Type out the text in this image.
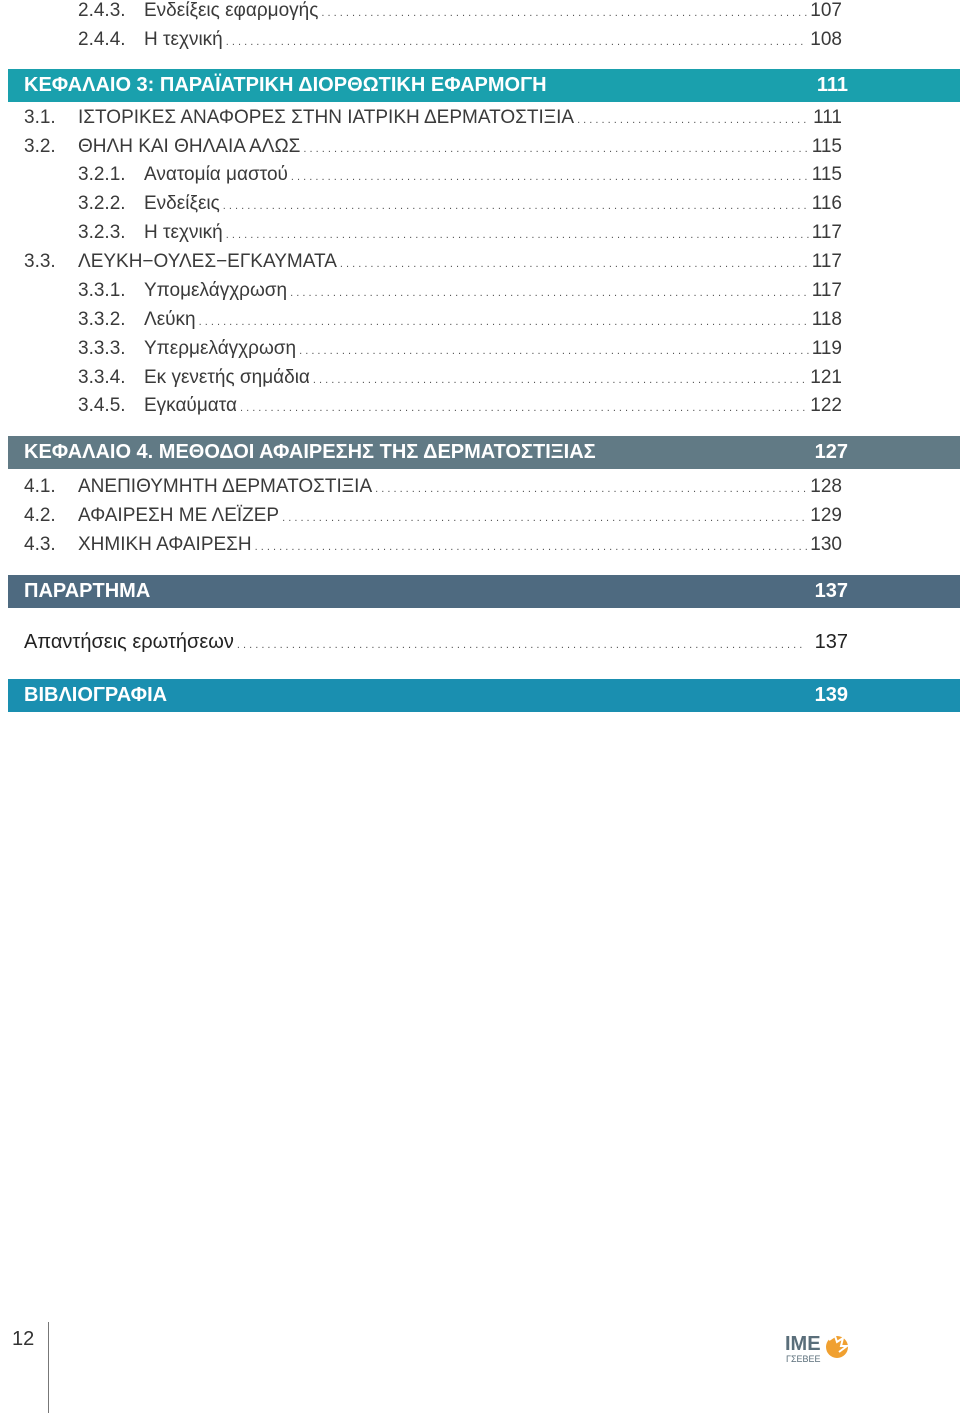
2.4.3. Ενδείξεις εφαρμογής . . .	107
2.4.4. Η τεχνική . . .	108
ΚΕΦΑΛΑΙΟ 3: ΠΑΡΑΪΑΤΡΙΚΗ ΔΙΟΡΘΩΤΙΚΗ ΕΦΑΡΜΟΓΗ	111
3.1.	ΙΣΤΟΡΙΚΕΣ ΑΝΑΦΟΡΕΣ ΣΤΗΝ ΙΑΤΡΙΚΗ ΔΕΡΜΑΤΟΣΤΙΞΙΑ . . .	111
3.2.	ΘΗΛΗ ΚΑΙ ΘΗΛΑΙΑ ΑΛΩΣ . . .	115
3.2.1. Ανατομία μαστού . . .	115
3.2.2. Ενδείξεις . . .	116
3.2.3. Η τεχνική . . .	117
3.3.	ΛΕΥΚΗ−ΟΥΛΕΣ−ΕΓΚΑΥΜΑΤΑ . . .	117
3.3.1. Υπομελάγχρωση . . .	117
3.3.2. Λεύκη . . .	118
3.3.3. Υπερμελάγχρωση . . .	119
3.3.4. Εκ γενετής σημάδια . . .	121
3.4.5. Εγκαύματα . . .	122
ΚΕΦΑΛΑΙΟ 4. ΜΕΘΟΔΟΙ ΑΦΑΙΡΕΣΗΣ ΤΗΣ ΔΕΡΜΑΤΟΣΤΙΞΙΑΣ	127
4.1.	ΑΝΕΠΙΘΥΜΗΤΗ ΔΕΡΜΑΤΟΣΤΙΞΙΑ . . .	128
4.2.	ΑΦΑΙΡΕΣΗ ΜΕ ΛΕΪΖΕΡ . . .	129
4.3.	ΧΗΜΙΚΗ ΑΦΑΙΡΕΣΗ . . .	130
ΠΑΡΑΡΤΗΜΑ	137
Απαντήσεις ερωτήσεων . . .	137
ΒΙΒΛΙΟΓΡΑΦΙΑ	139
12	ΙΜΕ
ΓΣΕΒΕΕ
